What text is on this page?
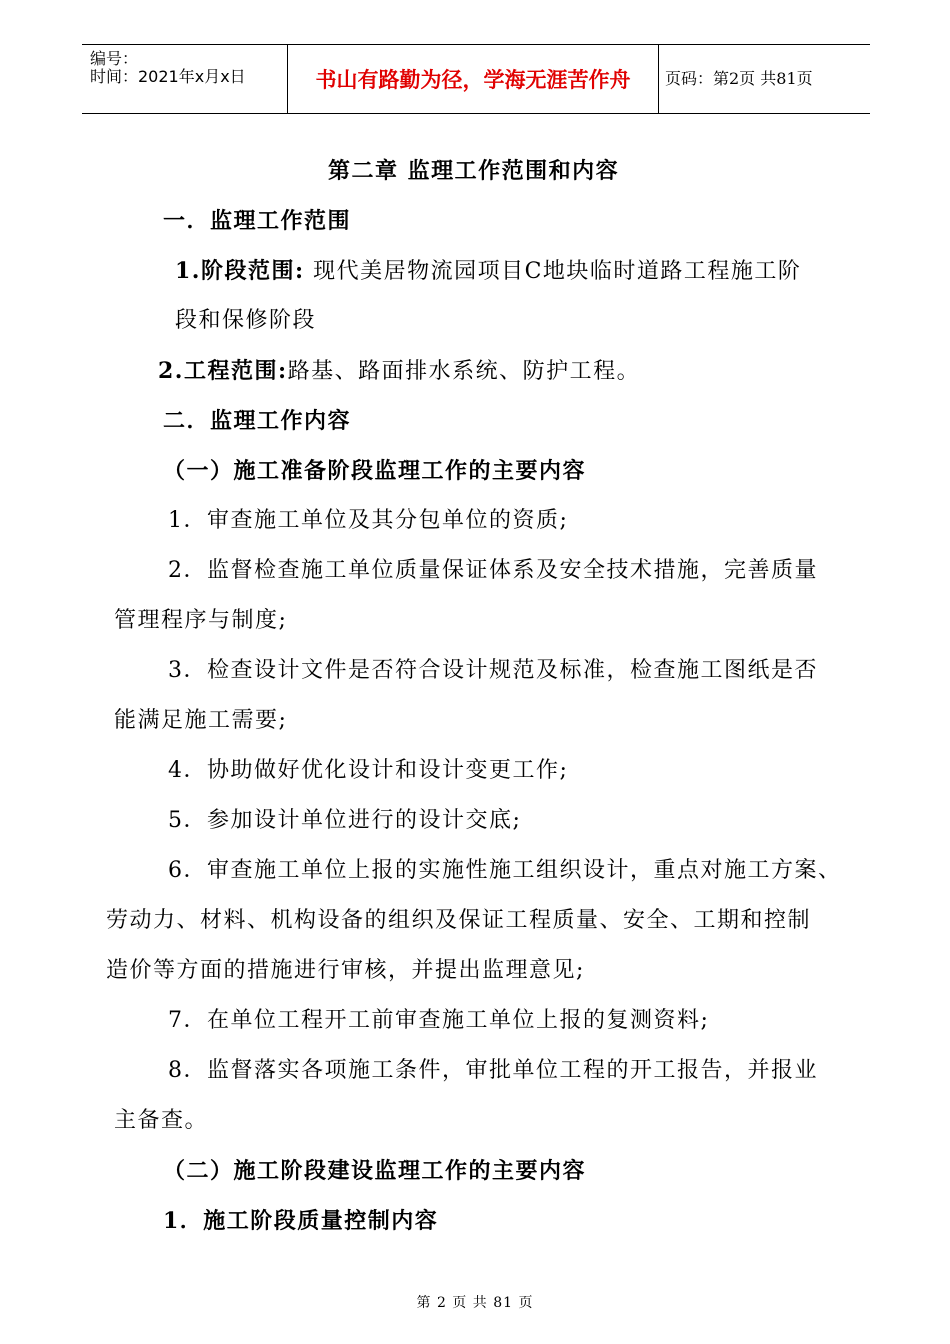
编号：
时间：2021年x月x日	书山有路勤为径，学海无涯苦作舟	页码：第2页 共81页
第二章 监理工作范围和内容
一．监理工作范围
1.阶段范围: 现代美居物流园项目C地块临时道路工程施工阶
段和保修阶段
2.工程范围:路基、路面排水系统、防护工程。
二．监理工作内容
（一）施工准备阶段监理工作的主要内容
1．审查施工单位及其分包单位的资质;
2．监督检查施工单位质量保证体系及安全技术措施，完善质量
管理程序与制度;
3．检查设计文件是否符合设计规范及标准，检查施工图纸是否
能满足施工需要;
4．协助做好优化设计和设计变更工作;
5．参加设计单位进行的设计交底;
6．审查施工单位上报的实施性施工组织设计，重点对施工方案、
劳动力、材料、机构设备的组织及保证工程质量、安全、工期和控制
造价等方面的措施进行审核，并提出监理意见;
7．在单位工程开工前审查施工单位上报的复测资料;
8．监督落实各项施工条件，审批单位工程的开工报告，并报业
主备查。
（二）施工阶段建设监理工作的主要内容
1．施工阶段质量控制内容
第 2 页 共 81 页
